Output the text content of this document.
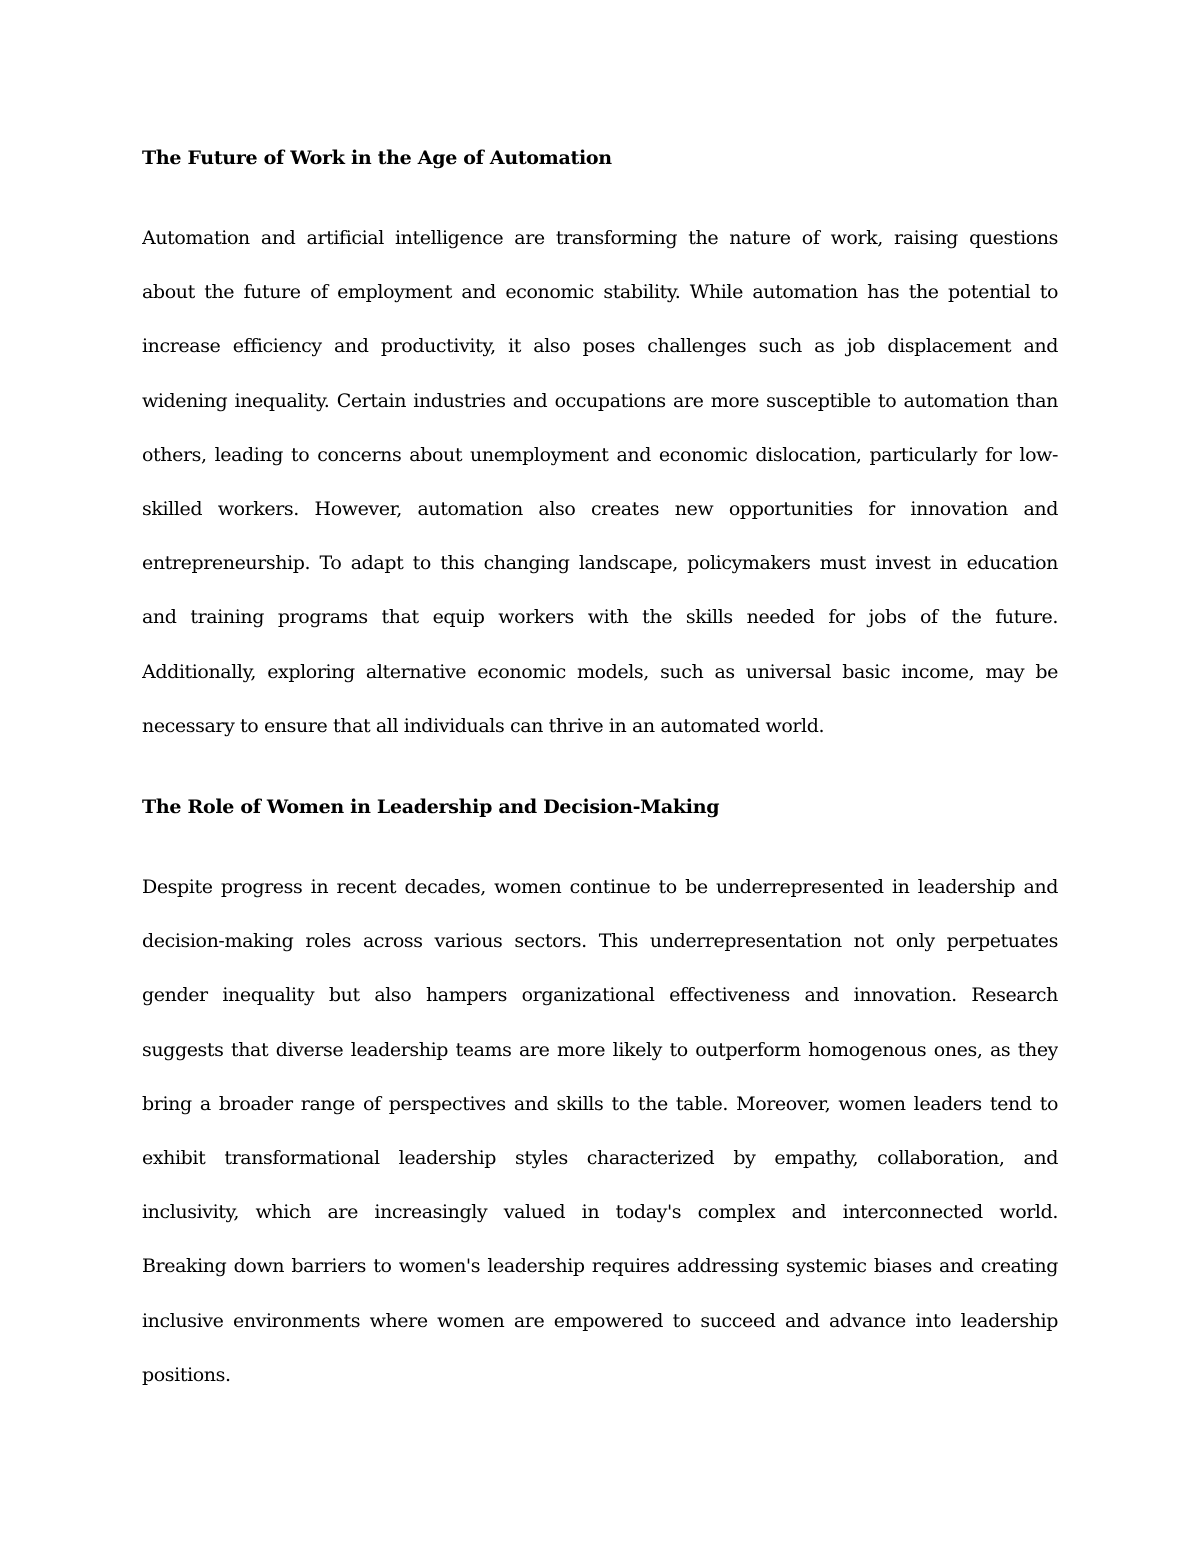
The Future of Work in the Age of Automation
Automation and artificial intelligence are transforming the nature of work, raising questions
about the future of employment and economic stability. While automation has the potential to
increase efficiency and productivity, it also poses challenges such as job displacement and
widening inequality. Certain industries and occupations are more susceptible to automation than
others, leading to concerns about unemployment and economic dislocation, particularly for low-
skilled workers. However, automation also creates new opportunities for innovation and
entrepreneurship. To adapt to this changing landscape, policymakers must invest in education
and training programs that equip workers with the skills needed for jobs of the future.
Additionally, exploring alternative economic models, such as universal basic income, may be
necessary to ensure that all individuals can thrive in an automated world.
The Role of Women in Leadership and Decision-Making
Despite progress in recent decades, women continue to be underrepresented in leadership and
decision-making roles across various sectors. This underrepresentation not only perpetuates
gender inequality but also hampers organizational effectiveness and innovation. Research
suggests that diverse leadership teams are more likely to outperform homogenous ones, as they
bring a broader range of perspectives and skills to the table. Moreover, women leaders tend to
exhibit transformational leadership styles characterized by empathy, collaboration, and
inclusivity, which are increasingly valued in today's complex and interconnected world.
Breaking down barriers to women's leadership requires addressing systemic biases and creating
inclusive environments where women are empowered to succeed and advance into leadership
positions.
